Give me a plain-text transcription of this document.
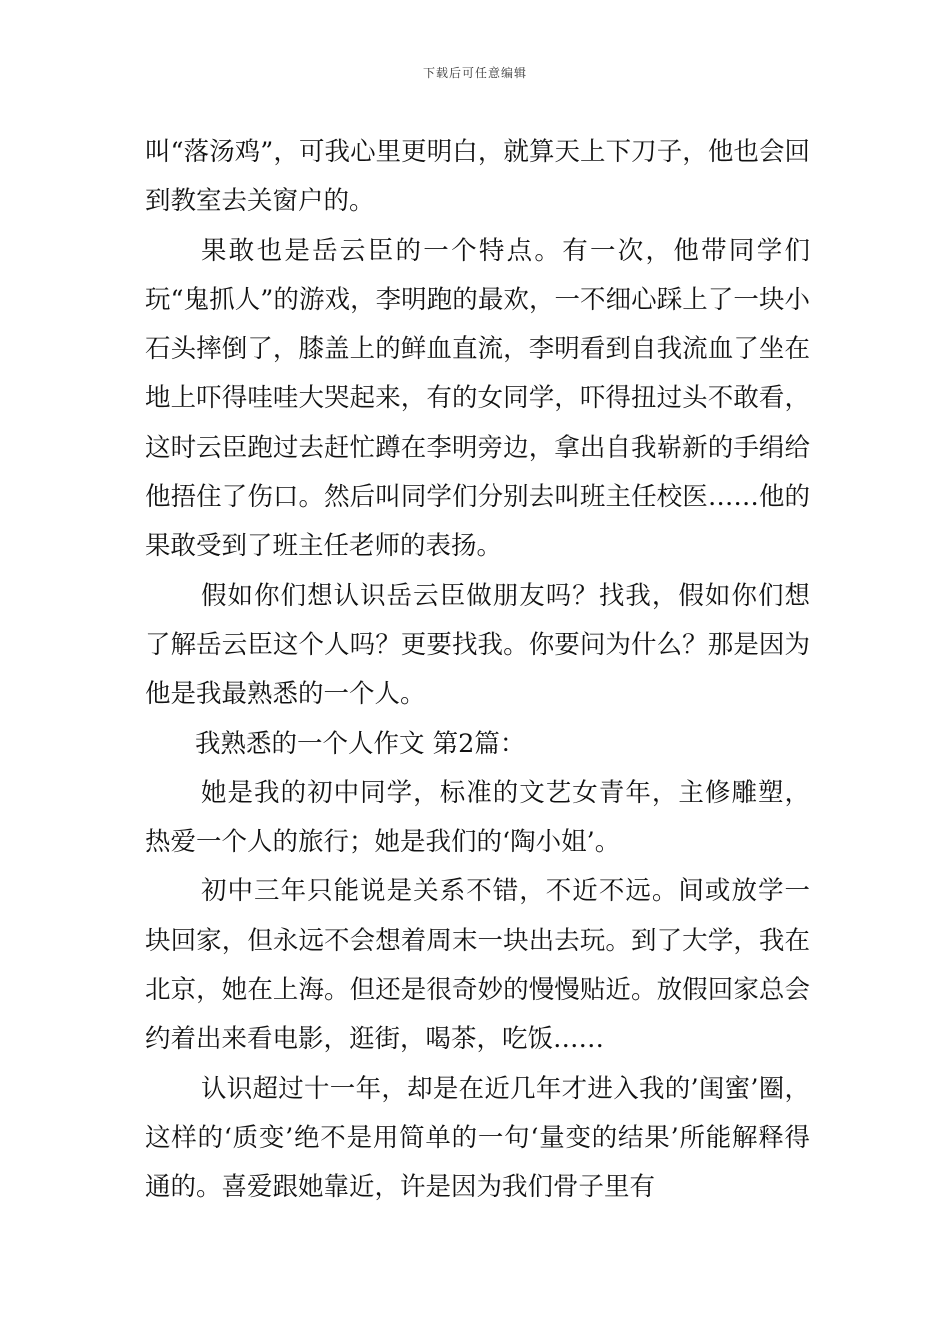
下载后可任意编辑

叫“落汤鸡”，可我心里更明白，就算天上下刀子，他也会回到教室去关窗户的。

果敢也是岳云臣的一个特点。有一次，他带同学们玩“鬼抓人”的游戏，李明跑的最欢，一不细心踩上了一块小石头摔倒了，膝盖上的鲜血直流，李明看到自我流血了坐在地上吓得哇哇大哭起来，有的女同学，吓得扭过头不敢看，这时云臣跑过去赶忙蹲在李明旁边，拿出自我崭新的手绢给他捂住了伤口。然后叫同学们分别去叫班主任校医……他的果敢受到了班主任老师的表扬。

假如你们想认识岳云臣做朋友吗？找我，假如你们想了解岳云臣这个人吗？更要找我。你要问为什么？那是因为他是我最熟悉的一个人。

我熟悉的一个人作文 第2篇：

她是我的初中同学，标准的文艺女青年，主修雕塑，热爱一个人的旅行；她是我们的‘陶小姐’。

初中三年只能说是关系不错，不近不远。间或放学一块回家，但永远不会想着周末一块出去玩。到了大学，我在北京，她在上海。但还是很奇妙的慢慢贴近。放假回家总会约着出来看电影，逛街，喝茶，吃饭……

认识超过十一年，却是在近几年才进入我的’闺蜜’圈，这样的‘质变’绝不是用简单的一句‘量变的结果’所能解释得通的。喜爱跟她靠近，许是因为我们骨子里有
